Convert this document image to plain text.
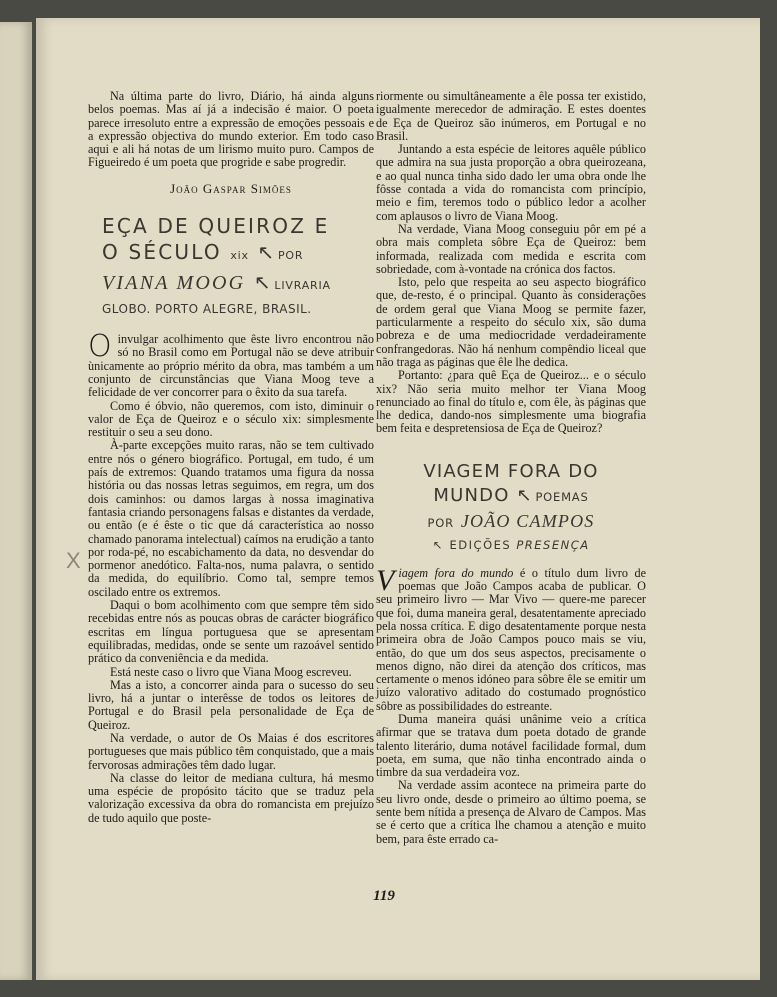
X

Na última parte do livro, Diário, há ainda alguns belos poemas. Mas aí já a indecisão é maior. O poeta parece irresoluto entre a expressão de emoções pessoais e a expressão objectiva do mundo exterior. Em todo caso aqui e ali há notas de um lirismo muito puro. Campos de Figueiredo é um poeta que progride e sabe progredir.

João Gaspar Simões
EÇA DE QUEIROZ E
O SÉCULO xix ↖ POR
VIANA MOOG ↖ LIVRARIA
GLOBO. PORTO ALEGRE, BRASIL.

Oinvulgar acolhimento que êste livro encontrou não só no Brasil como em Portugal não se deve atribuir ùnicamente ao próprio mérito da obra, mas também a um conjunto de circunstâncias que Viana Moog teve a felicidade de ver concorrer para o êxito da sua tarefa.

Como é óbvio, não queremos, com isto, diminuir o valor de Eça de Queiroz e o século xix: simplesmente restituir o seu a seu dono.

À-parte excepções muito raras, não se tem cultivado entre nós o género biográfico. Portugal, em tudo, é um país de extremos: Quando tratamos uma figura da nossa história ou das nossas letras seguimos, em regra, um dos dois caminhos: ou damos largas à nossa imaginativa fantasia criando personagens falsas e distantes da verdade, ou então (e é êste o tic que dá característica ao nosso chamado panorama intelectual) caímos na erudição a tanto por roda-pé, no escabichamento da data, no desvendar do pormenor anedótico. Falta-nos, numa palavra, o sentido da medida, do equilíbrio. Como tal, sempre temos oscilado entre os extremos.

Daqui o bom acolhimento com que sempre têm sido recebidas entre nós as poucas obras de carácter biográfico escritas em língua portuguesa que se apresentam equilibradas, medidas, onde se sente um razoável sentido prático da conveniência e da medida.

Está neste caso o livro que Viana Moog escreveu.

Mas a isto, a concorrer ainda para o sucesso do seu livro, há a juntar o interêsse de todos os leitores de Portugal e do Brasil pela personalidade de Eça de Queiroz.

Na verdade, o autor de Os Maias é dos escritores portugueses que mais público têm conquistado, que a mais fervorosas admirações têm dado lugar.

Na classe do leitor de mediana cultura, há mesmo uma espécie de propósito tácito que se traduz pela valorização excessiva da obra do romancista em prejuízo de tudo aquilo que poste-

riormente ou simultâneamente a êle possa ter existido, igualmente merecedor de admiração. E estes doentes de Eça de Queiroz são inúmeros, em Portugal e no Brasil.

Juntando a esta espécie de leitores aquêle público que admira na sua justa proporção a obra queirozeana, e ao qual nunca tinha sido dado ler uma obra onde lhe fôsse contada a vida do romancista com princípio, meio e fim, teremos todo o público ledor a acolher com aplausos o livro de Viana Moog.

Na verdade, Viana Moog conseguiu pôr em pé a obra mais completa sôbre Eça de Queiroz: bem informada, realizada com medida e escrita com sobriedade, com à-vontade na crónica dos factos.

Isto, pelo que respeita ao seu aspecto biográfico que, de-resto, é o principal. Quanto às considerações de ordem geral que Viana Moog se permite fazer, particularmente a respeito do século xix, são duma pobreza e de uma mediocridade verdadeiramente confrangedoras. Não há nenhum compêndio liceal que não traga as páginas que êle lhe dedica.

Portanto: ¿para quê Eça de Queiroz... e o século xix? Não seria muito melhor ter Viana Moog renunciado ao final do título e, com êle, às páginas que lhe dedica, dando-nos simplesmente uma biografia bem feita e despretensiosa de Eça de Queiroz?

VIAGEM FORA DO
MUNDO ↖ POEMAS
POR JOÃO CAMPOS
↖ EDIÇÕES PRESENÇA

Viagem fora do mundo é o título dum livro de poemas que João Campos acaba de publicar. O seu primeiro livro — Mar Vivo — quere-me parecer que foi, duma maneira geral, desatentamente apreciado pela nossa crítica. E digo desatentamente porque nesta primeira obra de João Campos pouco mais se viu, então, do que um dos seus aspectos, precisamente o menos digno, não direi da atenção dos críticos, mas certamente o menos idóneo para sôbre êle se emitir um juízo valorativo aditado do costumado prognóstico sôbre as possibilidades do estreante.

Duma maneira quási unânime veio a crítica afirmar que se tratava dum poeta dotado de grande talento literário, duma notável facilidade formal, dum poeta, em suma, que não tinha encontrado ainda o timbre da sua verdadeira voz.

Na verdade assim acontece na primeira parte do seu livro onde, desde o primeiro ao último poema, se sente bem nítida a presença de Alvaro de Campos. Mas se é certo que a crítica lhe chamou a atenção e muito bem, para êste errado ca-

119
